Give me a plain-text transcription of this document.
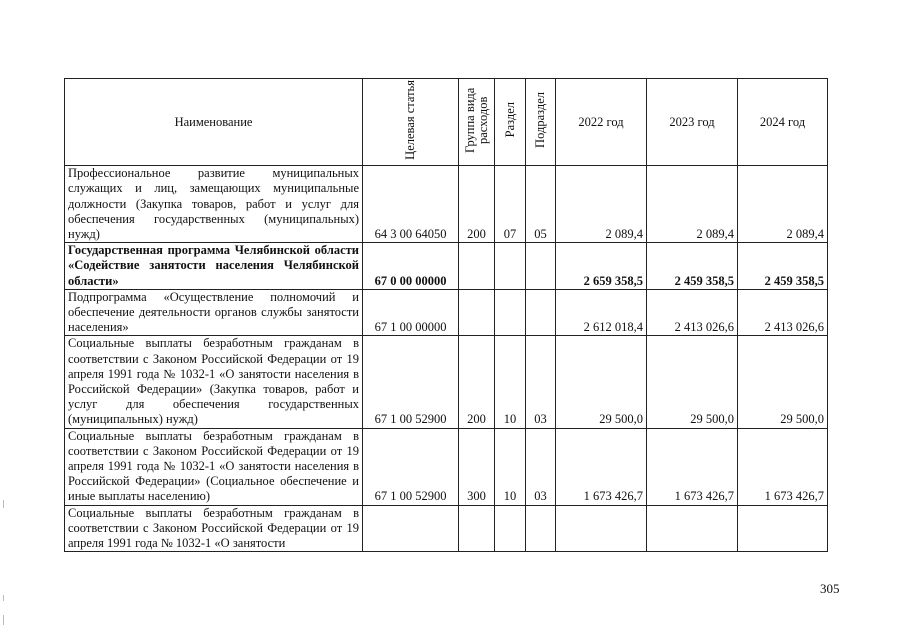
Наименование	Целевая статья	Группа вида расходов	Раздел	Подраздел	2022 год	2023 год	2024 год
Профессиональное развитие муниципальных служащих и лиц, замещающих муниципальные должности (Закупка товаров, работ и услуг для обеспечения государственных (муниципальных) нужд)	64 3 00 64050	200	07	05	2 089,4	2 089,4	2 089,4
Государственная программа Челябинской области «Содействие занятости населения Челябинской области»	67 0 00 00000				2 659 358,5	2 459 358,5	2 459 358,5
Подпрограмма «Осуществление полномочий и обеспечение деятельности органов службы занятости населения»	67 1 00 00000				2 612 018,4	2 413 026,6	2 413 026,6
Социальные выплаты безработным гражданам в соответствии с Законом Российской Федерации от 19 апреля 1991 года № 1032-1 «О занятости населения в Российской Федерации» (Закупка товаров, работ и услуг для обеспечения государственных (муниципальных) нужд)	67 1 00 52900	200	10	03	29 500,0	29 500,0	29 500,0
Социальные выплаты безработным гражданам в соответствии с Законом Российской Федерации от 19 апреля 1991 года № 1032-1 «О занятости населения в Российской Федерации» (Социальное обеспечение и иные выплаты населению)	67 1 00 52900	300	10	03	1 673 426,7	1 673 426,7	1 673 426,7
Социальные выплаты безработным гражданам в соответствии с Законом Российской Федерации от 19 апреля 1991 года № 1032-1 «О занятости							
305
